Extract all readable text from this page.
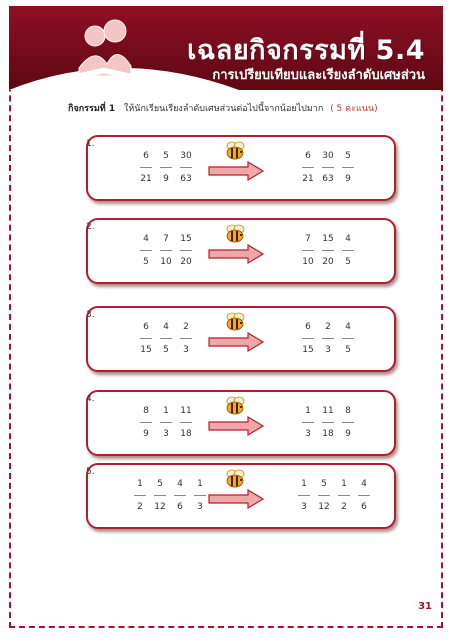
เฉลยกิจกรรมที่ 5.4
การเปรียบเทียบและเรียงลำดับเศษส่วน
กิจกรรมที่ 1 ให้นักเรียนเรียงลำดับเศษส่วนต่อไปนี้จากน้อยไปมาก ( 5 คะแนน)
1.
$\frac{6}{21} \frac{5}{9} \frac{30}{63}$	$\frac{6}{21} \frac{30}{63} \frac{5}{9}$
2.
$\frac{4}{5} \frac{7}{10} \frac{15}{20}$	$\frac{7}{10} \frac{15}{20} \frac{4}{5}$
3.
$\frac{6}{15} \frac{4}{5} \frac{2}{3}$	$\frac{6}{15} \frac{2}{3} \frac{4}{5}$
4.
$\frac{8}{9} \frac{1}{3} \frac{11}{18}$	$\frac{1}{3} \frac{11}{18} \frac{8}{9}$
5.
$\frac{1}{2} \frac{5}{12} \frac{4}{6} \frac{1}{3}$	$\frac{1}{3} \frac{5}{12} \frac{1}{2} \frac{4}{6}$
31
